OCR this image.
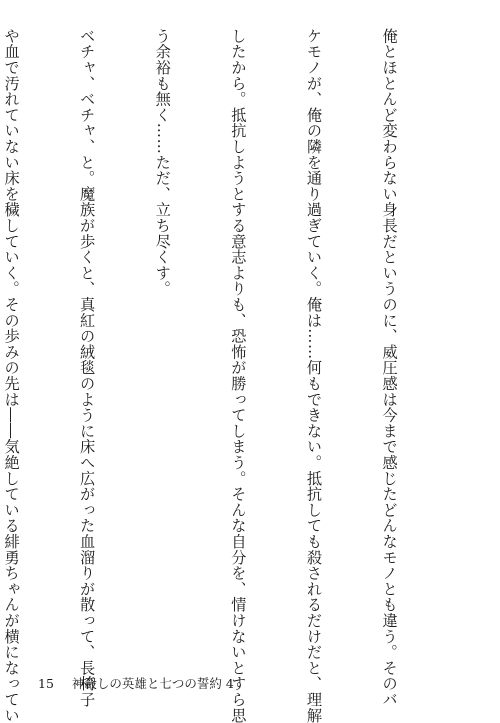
俺とほとんど変わらない身長だというのに、威圧感は今まで感じたどんなモノとも違う。そのバ

ケモノが、俺の隣を通り過ぎていく。俺は……何もできない。抵抗しても殺されるだけだと、理解

したから。抵抗しようとする意志よりも、恐怖が勝ってしまう。そんな自分を、情けないとすら思

う余裕も無く……ただ、立ち尽くす。

ベチャ、ベチャ、と。魔族が歩くと、真紅の絨毯のように床へ広がった血溜りが散って、長椅子

や血で汚れていない床を穢していく。その歩みの先は――気絶している緋勇ちゃんが横になってい

15 神殺しの英雄と七つの誓約 4
